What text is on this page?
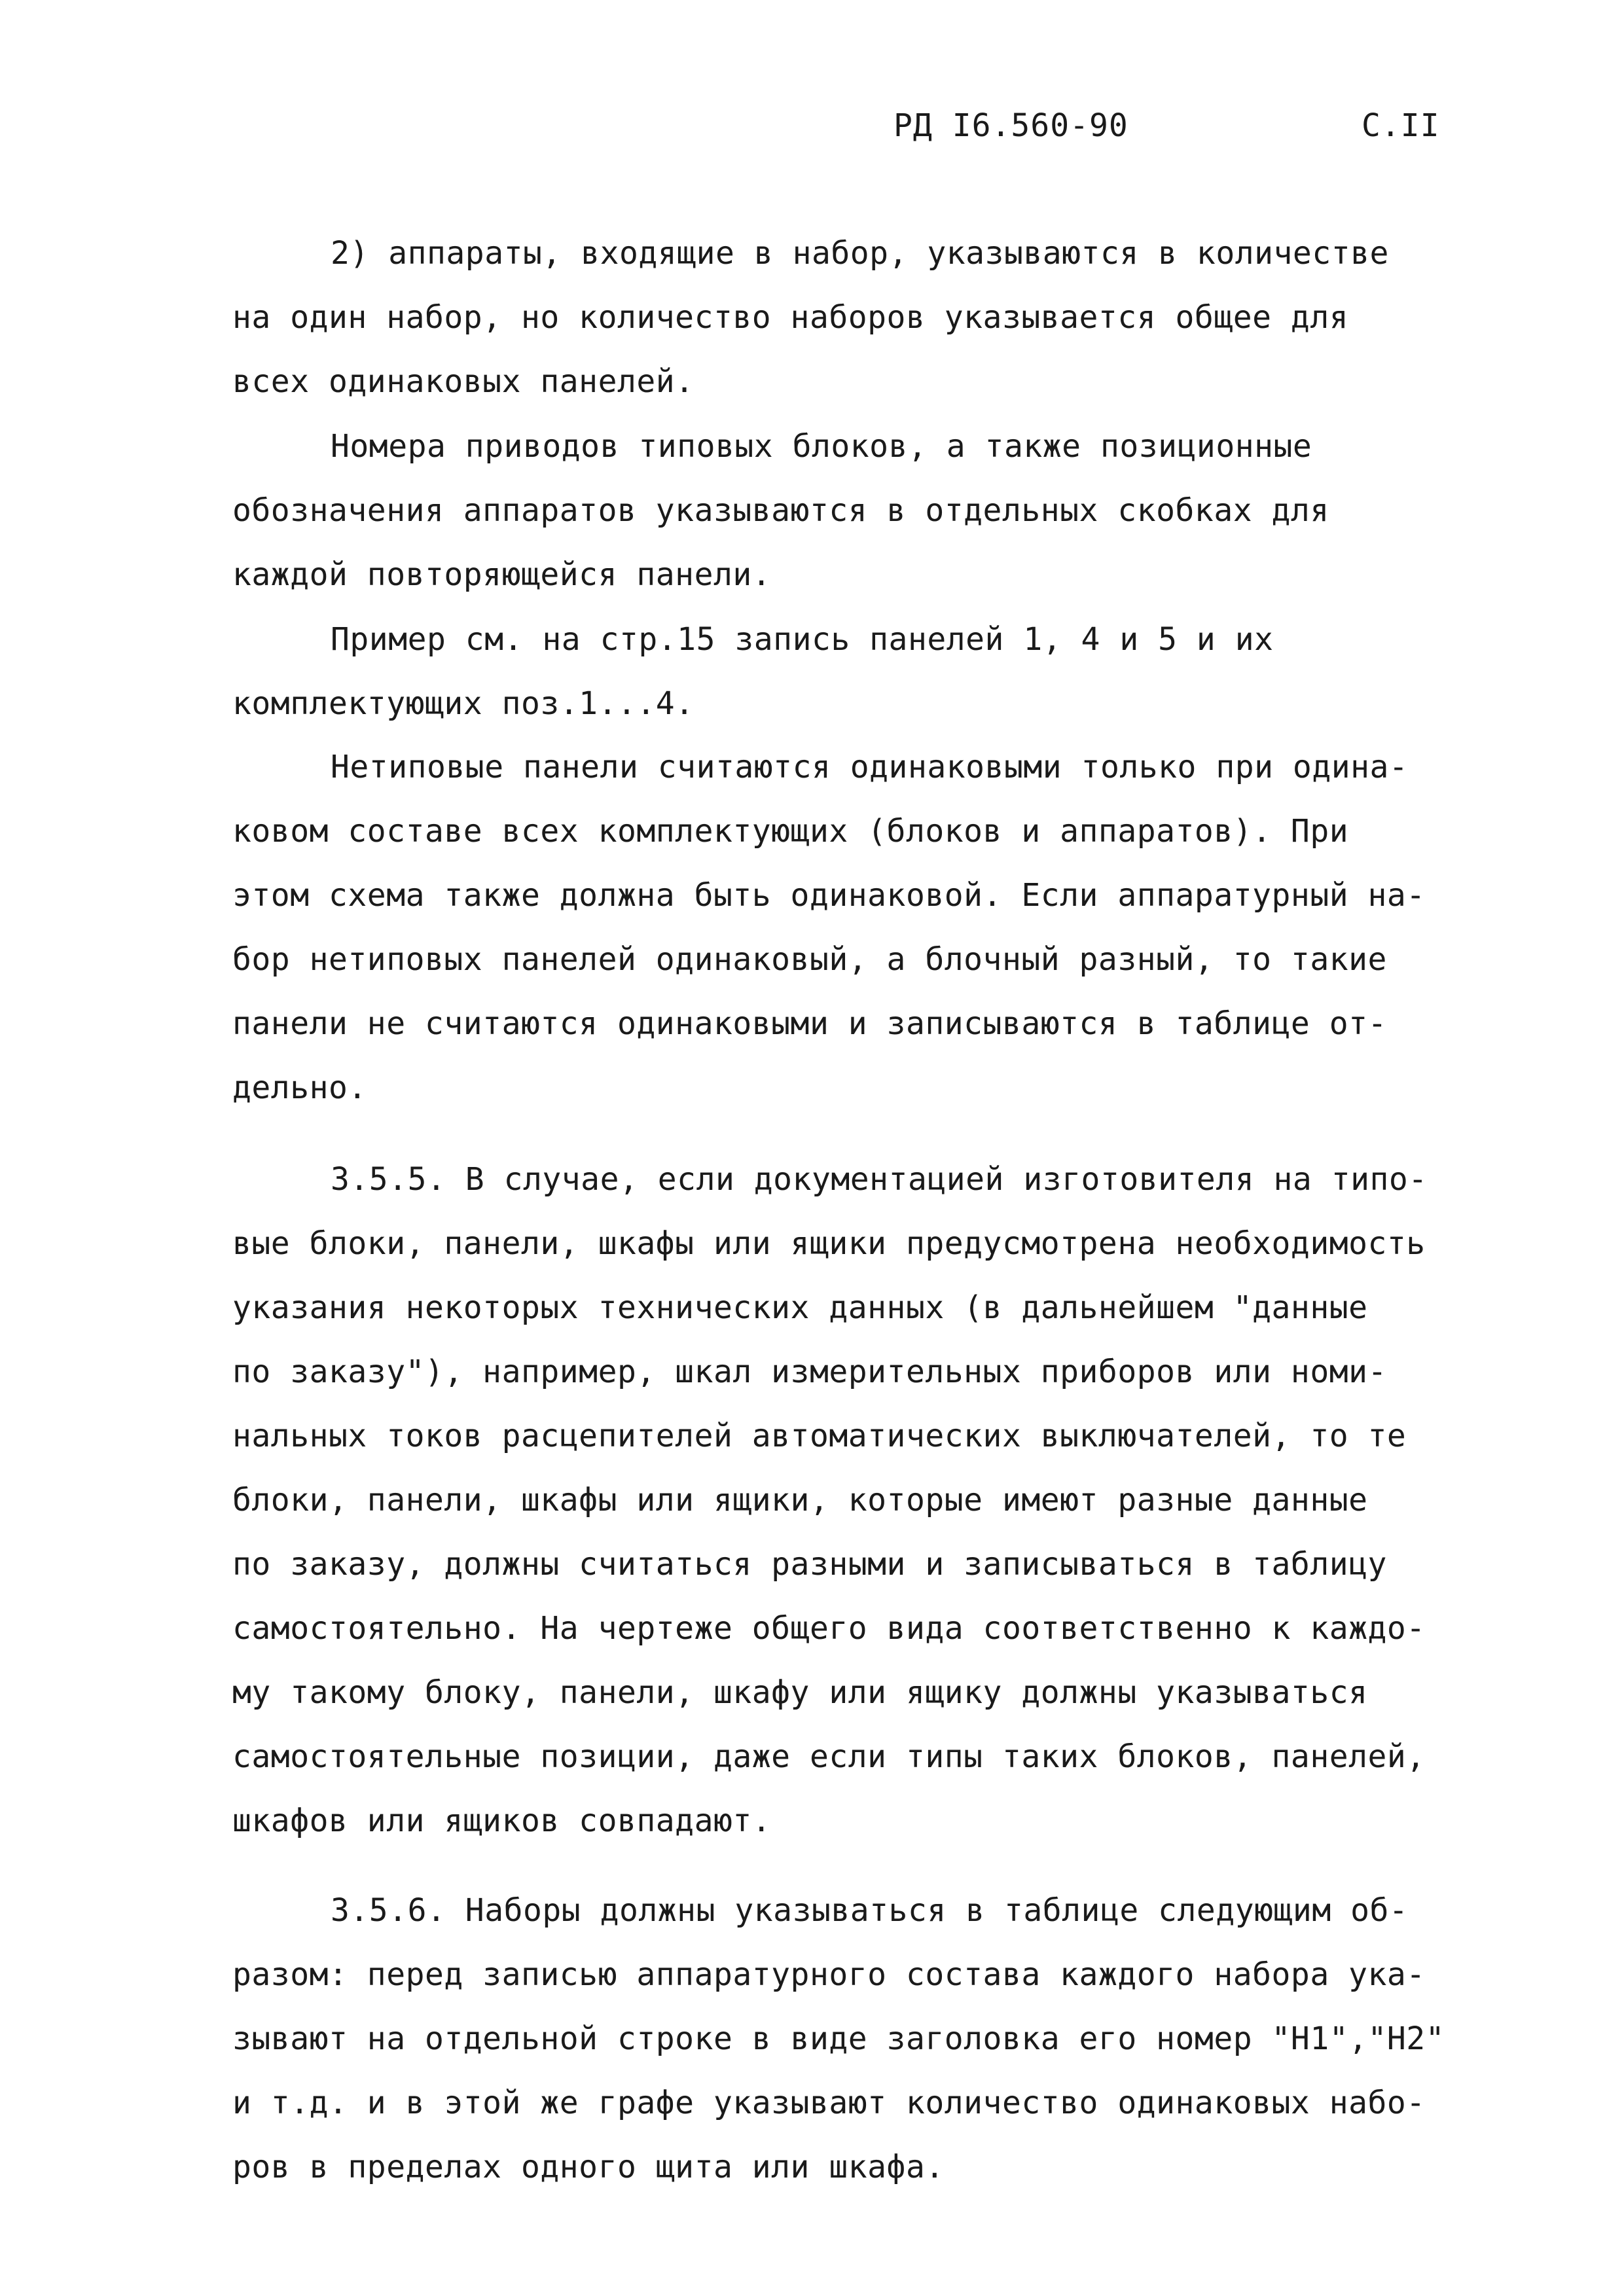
РД I6.560-90	С.II
2) аппараты, входящие в набор, указываются в количестве
на один набор, но количество наборов указывается общее для
всех одинаковых панелей.
Номера приводов типовых блоков, а также позиционные
обозначения аппаратов указываются в отдельных скобках для
каждой повторяющейся панели.
Пример см. на стр.15 запись панелей 1, 4 и 5 и их
комплектующих поз.1...4.
Нетиповые панели считаются одинаковыми только при одина-
ковом составе всех комплектующих (блоков и аппаратов). При
этом схема также должна быть одинаковой. Если аппаратурный на-
бор нетиповых панелей одинаковый, а блочный разный, то такие
панели не считаются одинаковыми и записываются в таблице от-
дельно.
3.5.5. В случае, если документацией изготовителя на типо-
вые блоки, панели, шкафы или ящики предусмотрена необходимость
указания некоторых технических данных (в дальнейшем "данные
по заказу"), например, шкал измерительных приборов или номи-
нальных токов расцепителей автоматических выключателей, то те
блоки, панели, шкафы или ящики, которые имеют разные данные
по заказу, должны считаться разными и записываться в таблицу
самостоятельно. На чертеже общего вида соответственно к каждо-
му такому блоку, панели, шкафу или ящику должны указываться
самостоятельные позиции, даже если типы таких блоков, панелей,
шкафов или ящиков совпадают.
3.5.6. Наборы должны указываться в таблице следующим об-
разом: перед записью аппаратурного состава каждого набора ука-
зывают на отдельной строке в виде заголовка его номер "Н1","Н2"
и т.д. и в этой же графе указывают количество одинаковых набо-
ров в пределах одного щита или шкафа.
